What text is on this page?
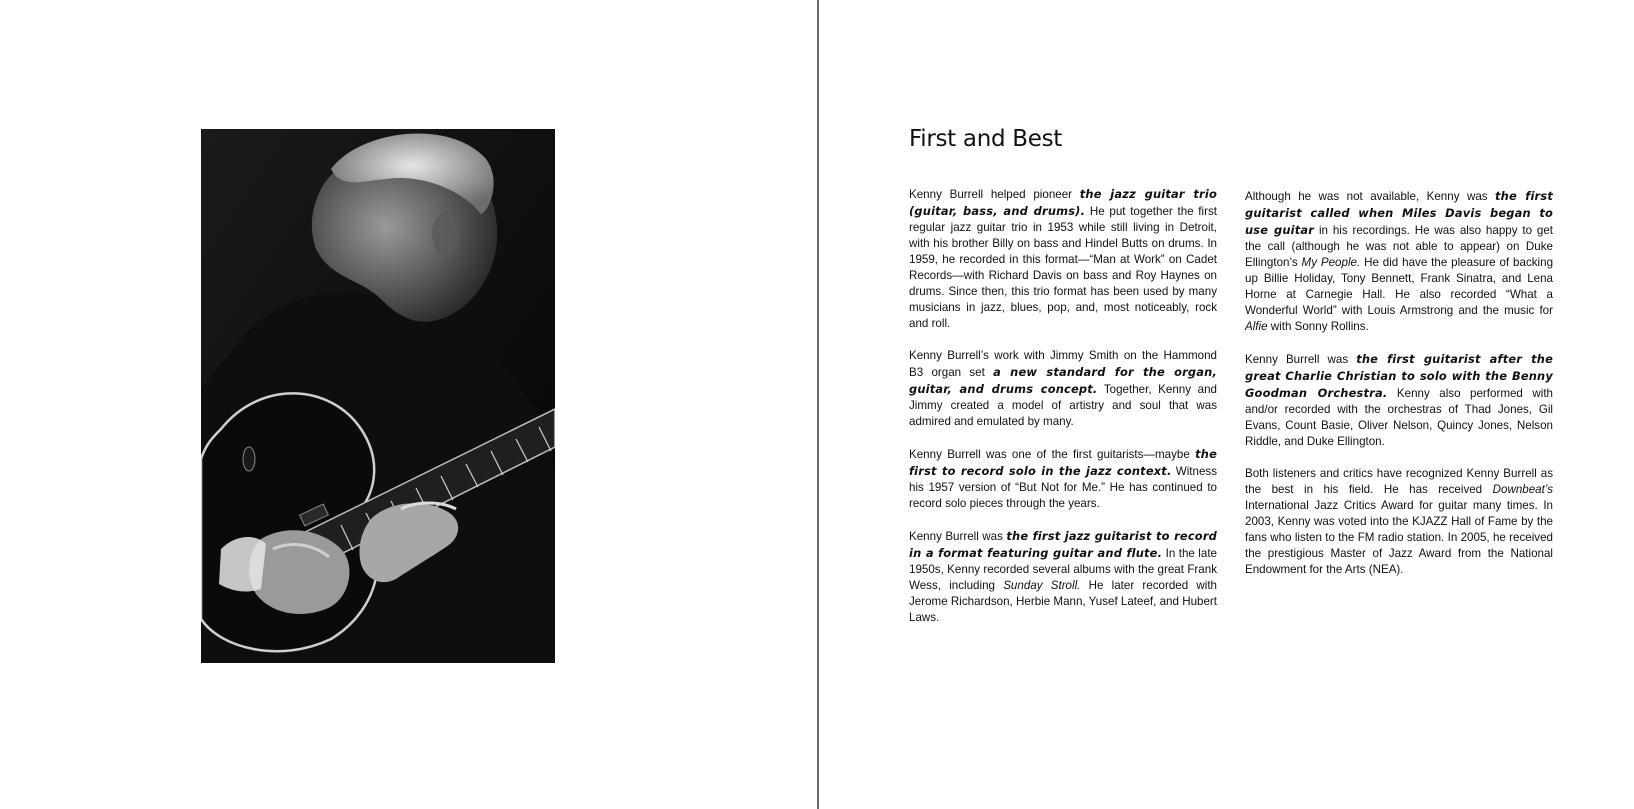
First and Best

Kenny Burrell helped pioneer the jazz guitar trio (guitar, bass, and drums). He put together the first regular jazz guitar trio in 1953 while still living in Detroit, with his brother Billy on bass and Hindel Butts on drums. In 1959, he recorded in this format—“Man at Work” on Cadet Records—with Richard Davis on bass and Roy Haynes on drums. Since then, this trio format has been used by many musicians in jazz, blues, pop, and, most noticeably, rock and roll.

Kenny Burrell’s work with Jimmy Smith on the Hammond B3 organ set a new standard for the organ, guitar, and drums concept. Together, Kenny and Jimmy created a model of artistry and soul that was admired and emulated by many.

Kenny Burrell was one of the first guitarists—maybe the first to record solo in the jazz context. Witness his 1957 version of “But Not for Me.” He has continued to record solo pieces through the years.

Kenny Burrell was the first jazz guitarist to record in a format featuring guitar and flute. In the late 1950s, Kenny recorded several albums with the great Frank Wess, including Sunday Stroll. He later recorded with Jerome Richardson, Herbie Mann, Yusef Lateef, and Hubert Laws.

Although he was not available, Kenny was the first guitarist called when Miles Davis began to use guitar in his recordings. He was also happy to get the call (although he was not able to appear) on Duke Ellington’s My People. He did have the pleasure of backing up Billie Holiday, Tony Bennett, Frank Sinatra, and Lena Horne at Carnegie Hall. He also recorded “What a Wonderful World” with Louis Armstrong and the music for Alfie with Sonny Rollins.

Kenny Burrell was the first guitarist after the great Charlie Christian to solo with the Benny Goodman Orchestra. Kenny also performed with and/or recorded with the orchestras of Thad Jones, Gil Evans, Count Basie, Oliver Nelson, Quincy Jones, Nelson Riddle, and Duke Ellington.

Both listeners and critics have recognized Kenny Burrell as the best in his field. He has received Downbeat’s International Jazz Critics Award for guitar many times. In 2003, Kenny was voted into the KJAZZ Hall of Fame by the fans who listen to the FM radio station. In 2005, he received the prestigious Master of Jazz Award from the National Endowment for the Arts (NEA).
